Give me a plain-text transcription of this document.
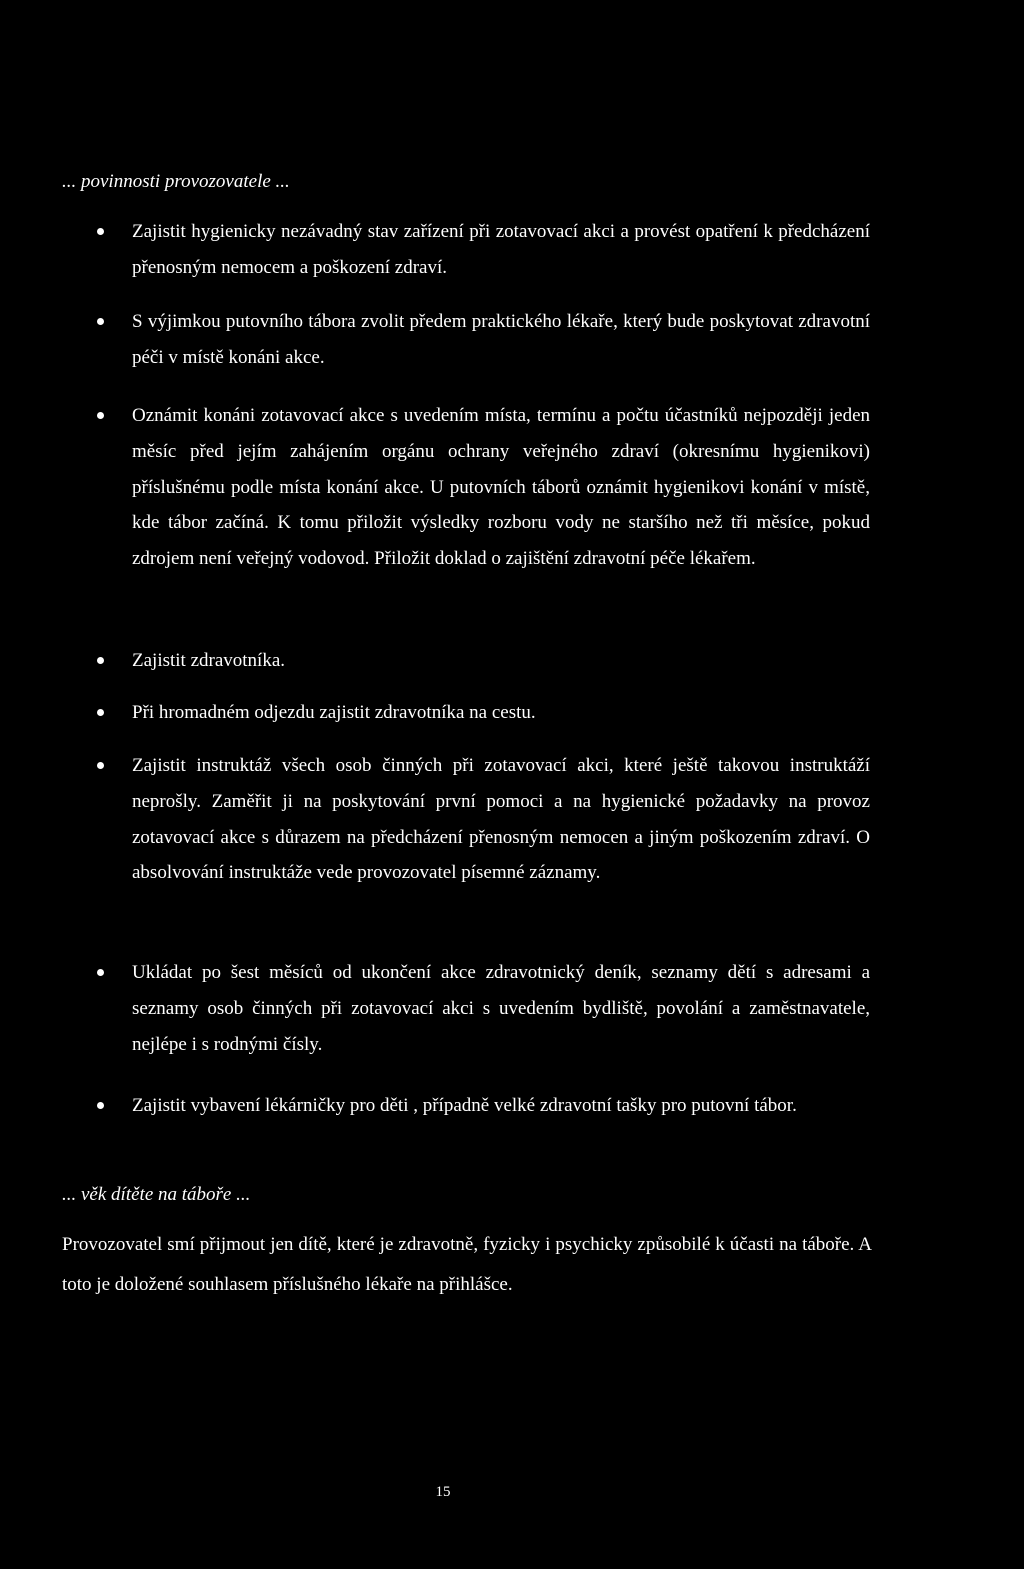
... povinnosti provozovatele ...

Zajistit hygienicky nezávadný stav zařízení při zotavovací akci a provést opatření k předcházení přenosným nemocem a poškození zdraví.

S výjimkou putovního tábora zvolit předem praktického lékaře, který bude poskytovat zdravotní péči v místě konáni akce.

Oznámit konáni zotavovací akce s uvedením místa, termínu a počtu účastníků nejpozději jeden měsíc před jejím zahájením orgánu ochrany veřejného zdraví (okresnímu hygienikovi) příslušnému podle místa konání akce. U putovních táborů oznámit hygienikovi konání v místě, kde tábor začíná. K tomu přiložit výsledky rozboru vody ne staršího než tři měsíce, pokud zdrojem není veřejný vodovod. Přiložit doklad o zajištění zdravotní péče lékařem.

Zajistit zdravotníka.

Při hromadném odjezdu zajistit zdravotníka na cestu.

Zajistit instruktáž všech osob činných při zotavovací akci, které ještě takovou instruktáží neprošly. Zaměřit ji na poskytování první pomoci a na hygienické požadavky na provoz zotavovací akce s důrazem na předcházení přenosným nemocen a jiným poškozením zdraví. O absolvování instruktáže vede provozovatel písemné záznamy.

Ukládat po šest měsíců od ukončení akce zdravotnický deník, seznamy dětí s adresami a seznamy osob činných při zotavovací akci s uvedením bydliště, povolání a zaměstnavatele, nejlépe i s rodnými čísly.

Zajistit vybavení lékárničky pro děti , případně velké zdravotní tašky pro putovní tábor.

... věk dítěte na táboře ...

Provozovatel smí přijmout jen dítě, které je zdravotně, fyzicky i psychicky způsobilé k účasti na táboře. A toto je doložené souhlasem příslušného lékaře na přihlášce.

15
